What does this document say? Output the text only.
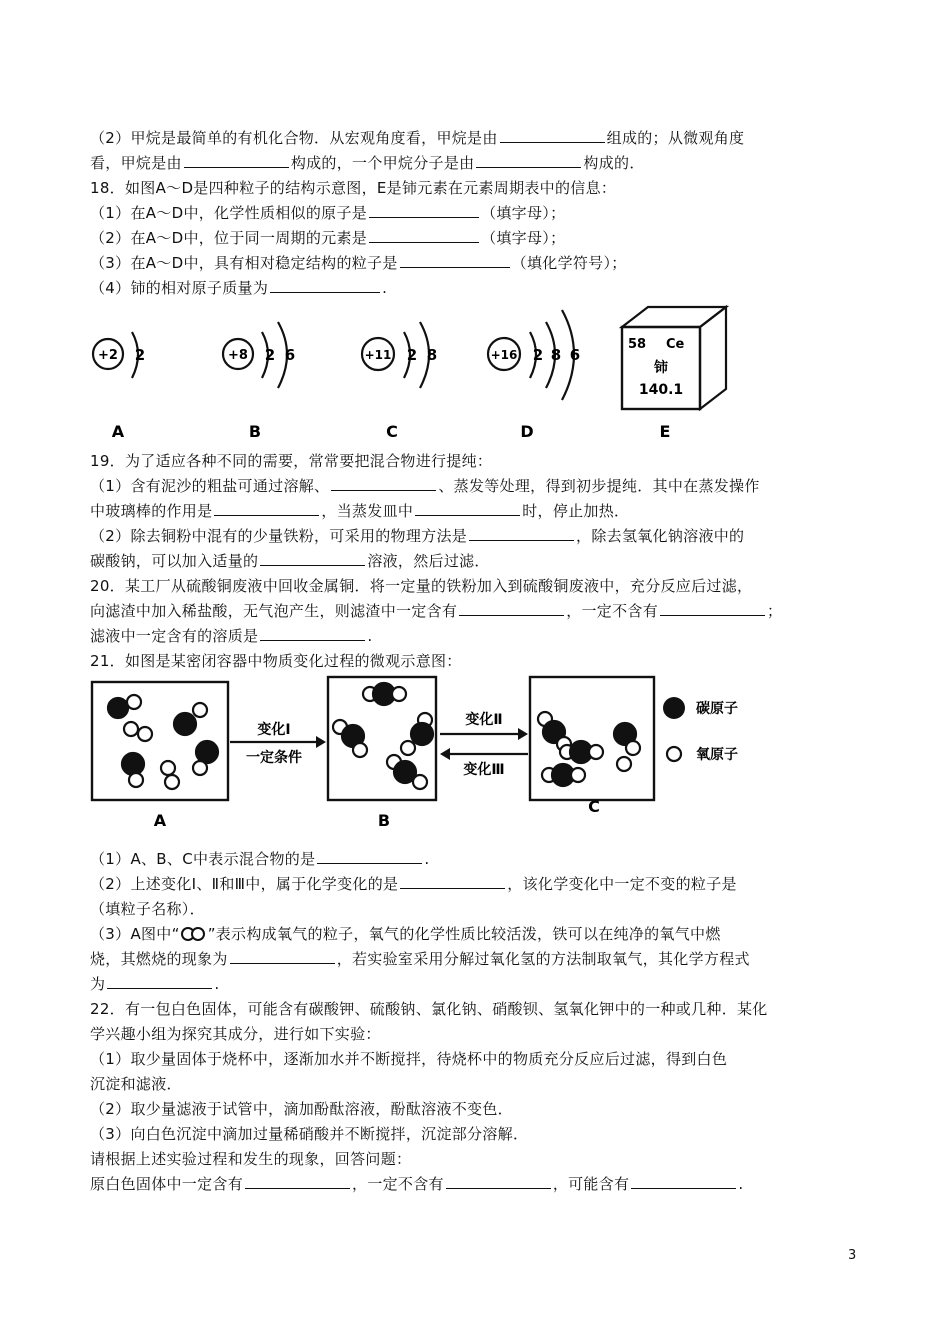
（2）甲烷是最简单的有机化合物．从宏观角度看，甲烷是由	组成的；从微观角度
看，甲烷是由	构成的，一个甲烷分子是由	构成的．
18．如图A～D是四种粒子的结构示意图，E是铈元素在元素周期表中的信息：
（1）在A～D中，化学性质相似的原子是	（填字母）；
（2）在A～D中，位于同一周期的元素是	（填字母）；
（3）在A～D中，具有相对稳定结构的粒子是	（填化学符号）；
（4）铈的相对原子质量为	.
+2 2
A
+8 2 6
B
+11 2 8
C
+16 2 8 6
D
58 Ce
铈
140.1
E
19．为了适应各种不同的需要，常常要把混合物进行提纯：
（1）含有泥沙的粗盐可通过溶解、	、蒸发等处理，得到初步提纯．其中在蒸发操作
中玻璃棒的作用是	，当蒸发皿中	时，停止加热．
（2）除去铜粉中混有的少量铁粉，可采用的物理方法是	，除去氢氧化钠溶液中的
碳酸钠，可以加入适量的	溶液，然后过滤．
20．某工厂从硫酸铜废液中回收金属铜．将一定量的铁粉加入到硫酸铜废液中，充分反应后过滤，
向滤渣中加入稀盐酸，无气泡产生，则滤渣中一定含有	，一定不含有	；
滤液中一定含有的溶质是	.
21．如图是某密闭容器中物质变化过程的微观示意图：
A
变化Ⅰ
一定条件
B
变化Ⅱ
变化Ⅲ
C
碳原子
氧原子
（1）A、B、C中表示混合物的是	.
（2）上述变化Ⅰ、Ⅱ和Ⅲ中，属于化学变化的是	，该化学变化中一定不变的粒子是
（填粒子名称）．
（3）A图中“ ”表示构成氧气的粒子，氧气的化学性质比较活泼，铁可以在纯净的氧气中燃
烧，其燃烧的现象为	，若实验室采用分解过氧化氢的方法制取氧气，其化学方程式
为	.
22．有一包白色固体，可能含有碳酸钾、硫酸钠、氯化钠、硝酸钡、氢氧化钾中的一种或几种．某化
学兴趣小组为探究其成分，进行如下实验：
（1）取少量固体于烧杯中，逐渐加水并不断搅拌，待烧杯中的物质充分反应后过滤，得到白色
沉淀和滤液．
（2）取少量滤液于试管中，滴加酚酞溶液，酚酞溶液不变色．
（3）向白色沉淀中滴加过量稀硝酸并不断搅拌，沉淀部分溶解．
请根据上述实验过程和发生的现象，回答问题：
原白色固体中一定含有	，一定不含有	，可能含有	.
3
